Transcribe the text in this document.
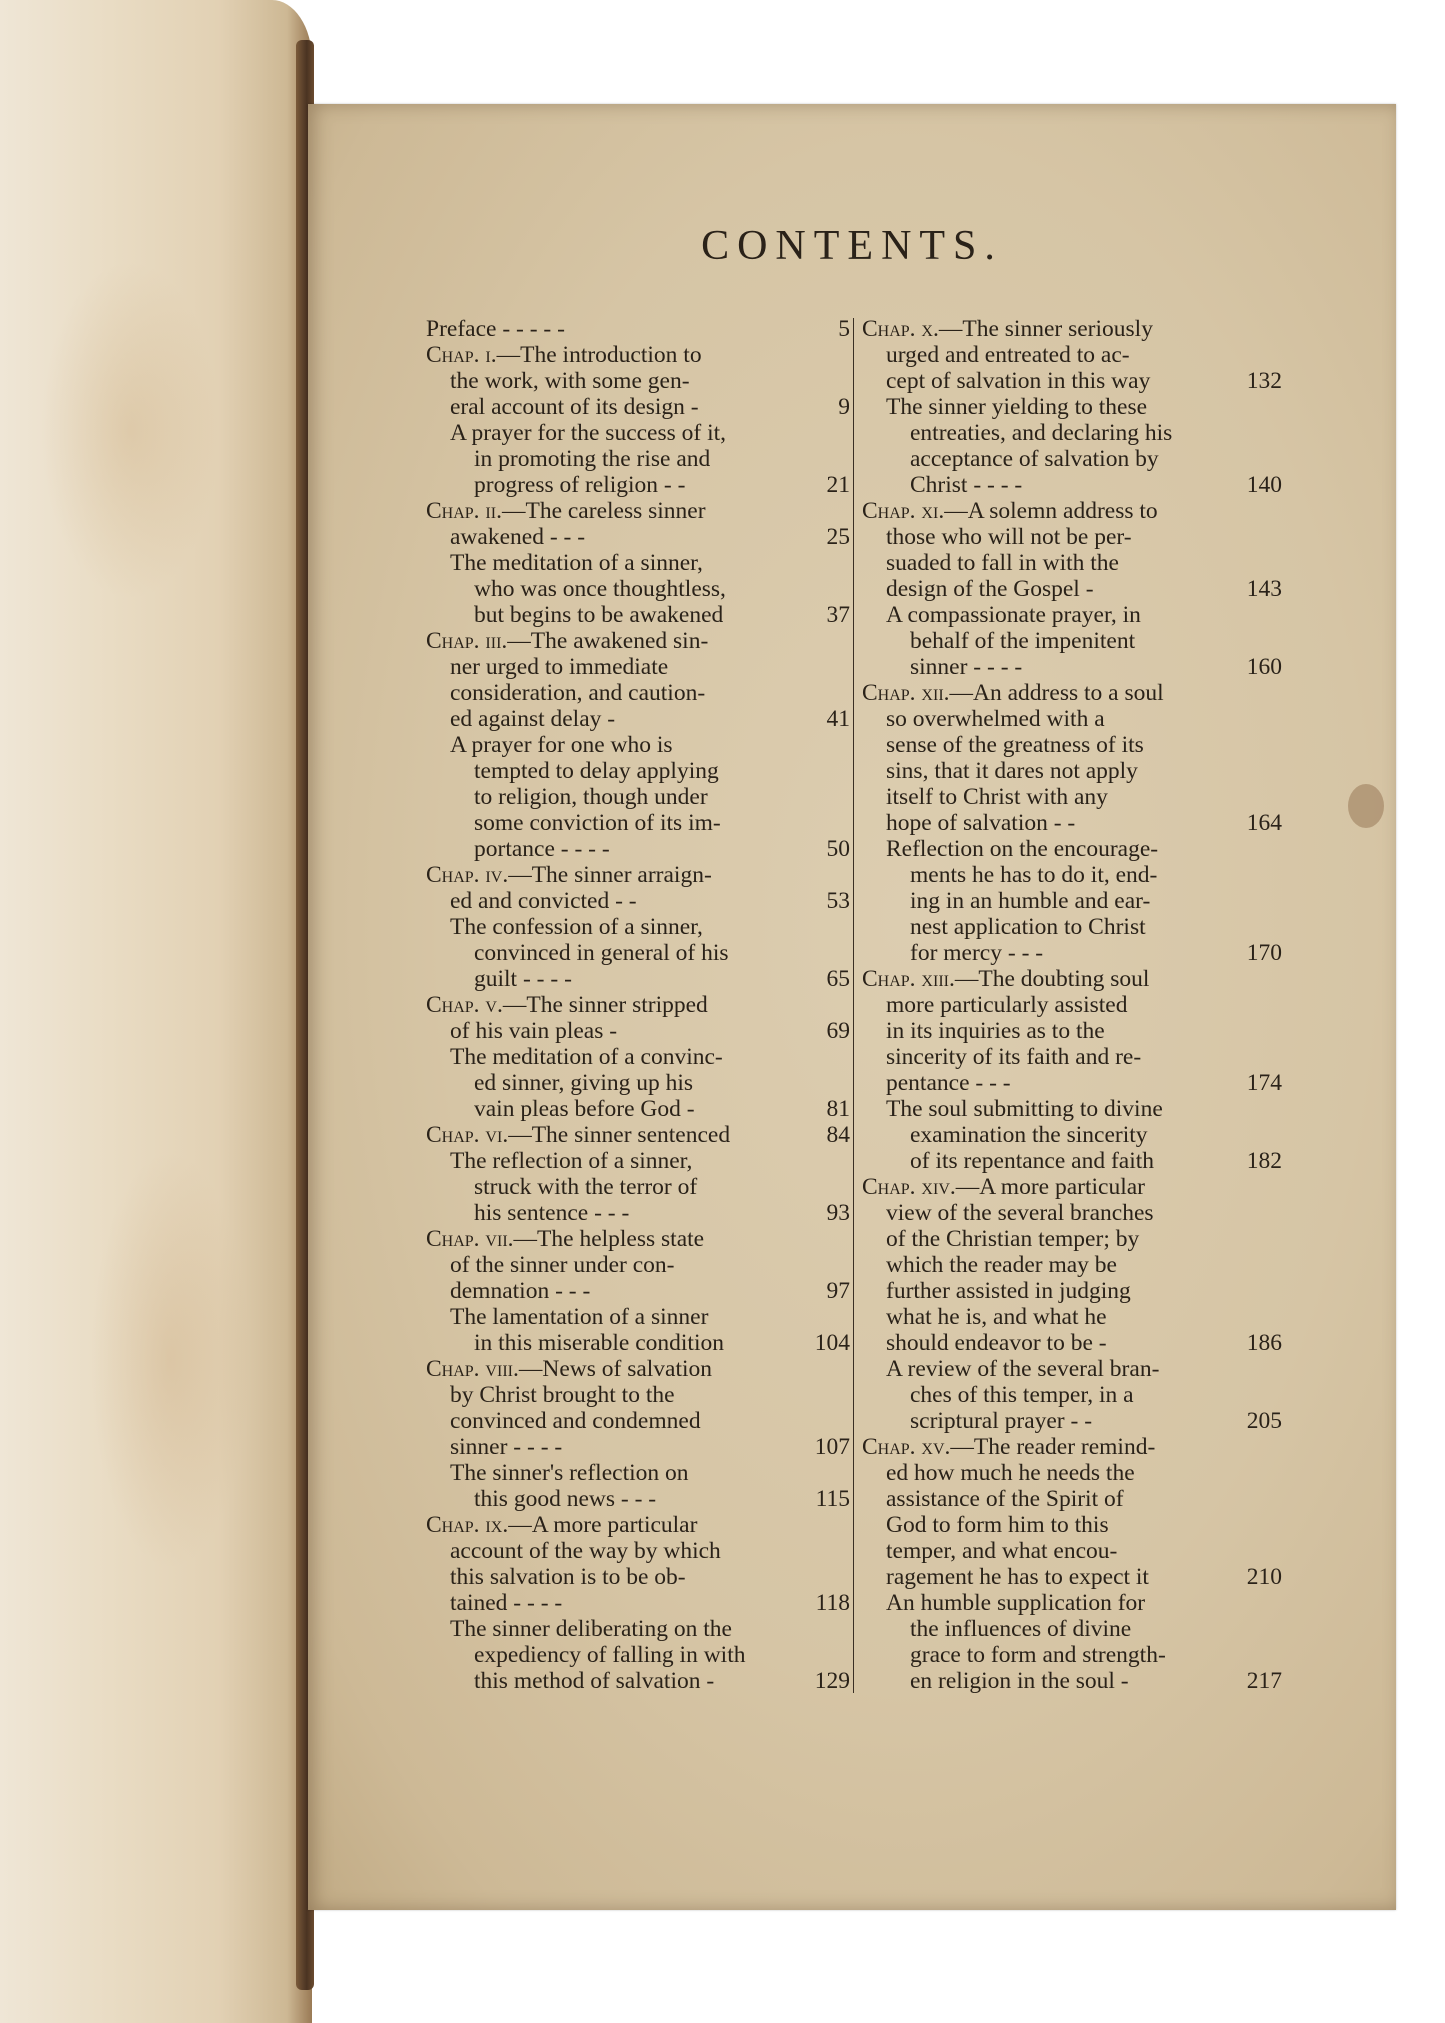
CONTENTS.
Preface - - - - -	5
Chap. i.—The introduction to
the work, with some gen-
eral account of its design -	9
A prayer for the success of it,
in promoting the rise and
progress of religion - -	21
Chap. ii.—The careless sinner
awakened - - -	25
The meditation of a sinner,
who was once thoughtless,
but begins to be awakened	37
Chap. iii.—The awakened sin-
ner urged to immediate
consideration, and caution-
ed against delay -	41
A prayer for one who is
tempted to delay applying
to religion, though under
some conviction of its im-
portance - - - -	50
Chap. iv.—The sinner arraign-
ed and convicted - -	53
The confession of a sinner,
convinced in general of his
guilt - - - -	65
Chap. v.—The sinner stripped
of his vain pleas -	69
The meditation of a convinc-
ed sinner, giving up his
vain pleas before God -	81
Chap. vi.—The sinner sentenced	84
The reflection of a sinner,
struck with the terror of
his sentence - - -	93
Chap. vii.—The helpless state
of the sinner under con-
demnation - - -	97
The lamentation of a sinner
in this miserable condition	104
Chap. viii.—News of salvation
by Christ brought to the
convinced and condemned
sinner - - - -	107
The sinner's reflection on
this good news - - -	115
Chap. ix.—A more particular
account of the way by which
this salvation is to be ob-
tained - - - -	118
The sinner deliberating on the
expediency of falling in with
this method of salvation -	129
Chap. x.—The sinner seriously
urged and entreated to ac-
cept of salvation in this way	132
The sinner yielding to these
entreaties, and declaring his
acceptance of salvation by
Christ - - - -	140
Chap. xi.—A solemn address to
those who will not be per-
suaded to fall in with the
design of the Gospel -	143
A compassionate prayer, in
behalf of the impenitent
sinner - - - -	160
Chap. xii.—An address to a soul
so overwhelmed with a
sense of the greatness of its
sins, that it dares not apply
itself to Christ with any
hope of salvation - -	164
Reflection on the encourage-
ments he has to do it, end-
ing in an humble and ear-
nest application to Christ
for mercy - - -	170
Chap. xiii.—The doubting soul
more particularly assisted
in its inquiries as to the
sincerity of its faith and re-
pentance - - -	174
The soul submitting to divine
examination the sincerity
of its repentance and faith	182
Chap. xiv.—A more particular
view of the several branches
of the Christian temper; by
which the reader may be
further assisted in judging
what he is, and what he
should endeavor to be -	186
A review of the several bran-
ches of this temper, in a
scriptural prayer - -	205
Chap. xv.—The reader remind-
ed how much he needs the
assistance of the Spirit of
God to form him to this
temper, and what encou-
ragement he has to expect it	210
An humble supplication for
the influences of divine
grace to form and strength-
en religion in the soul -	217
